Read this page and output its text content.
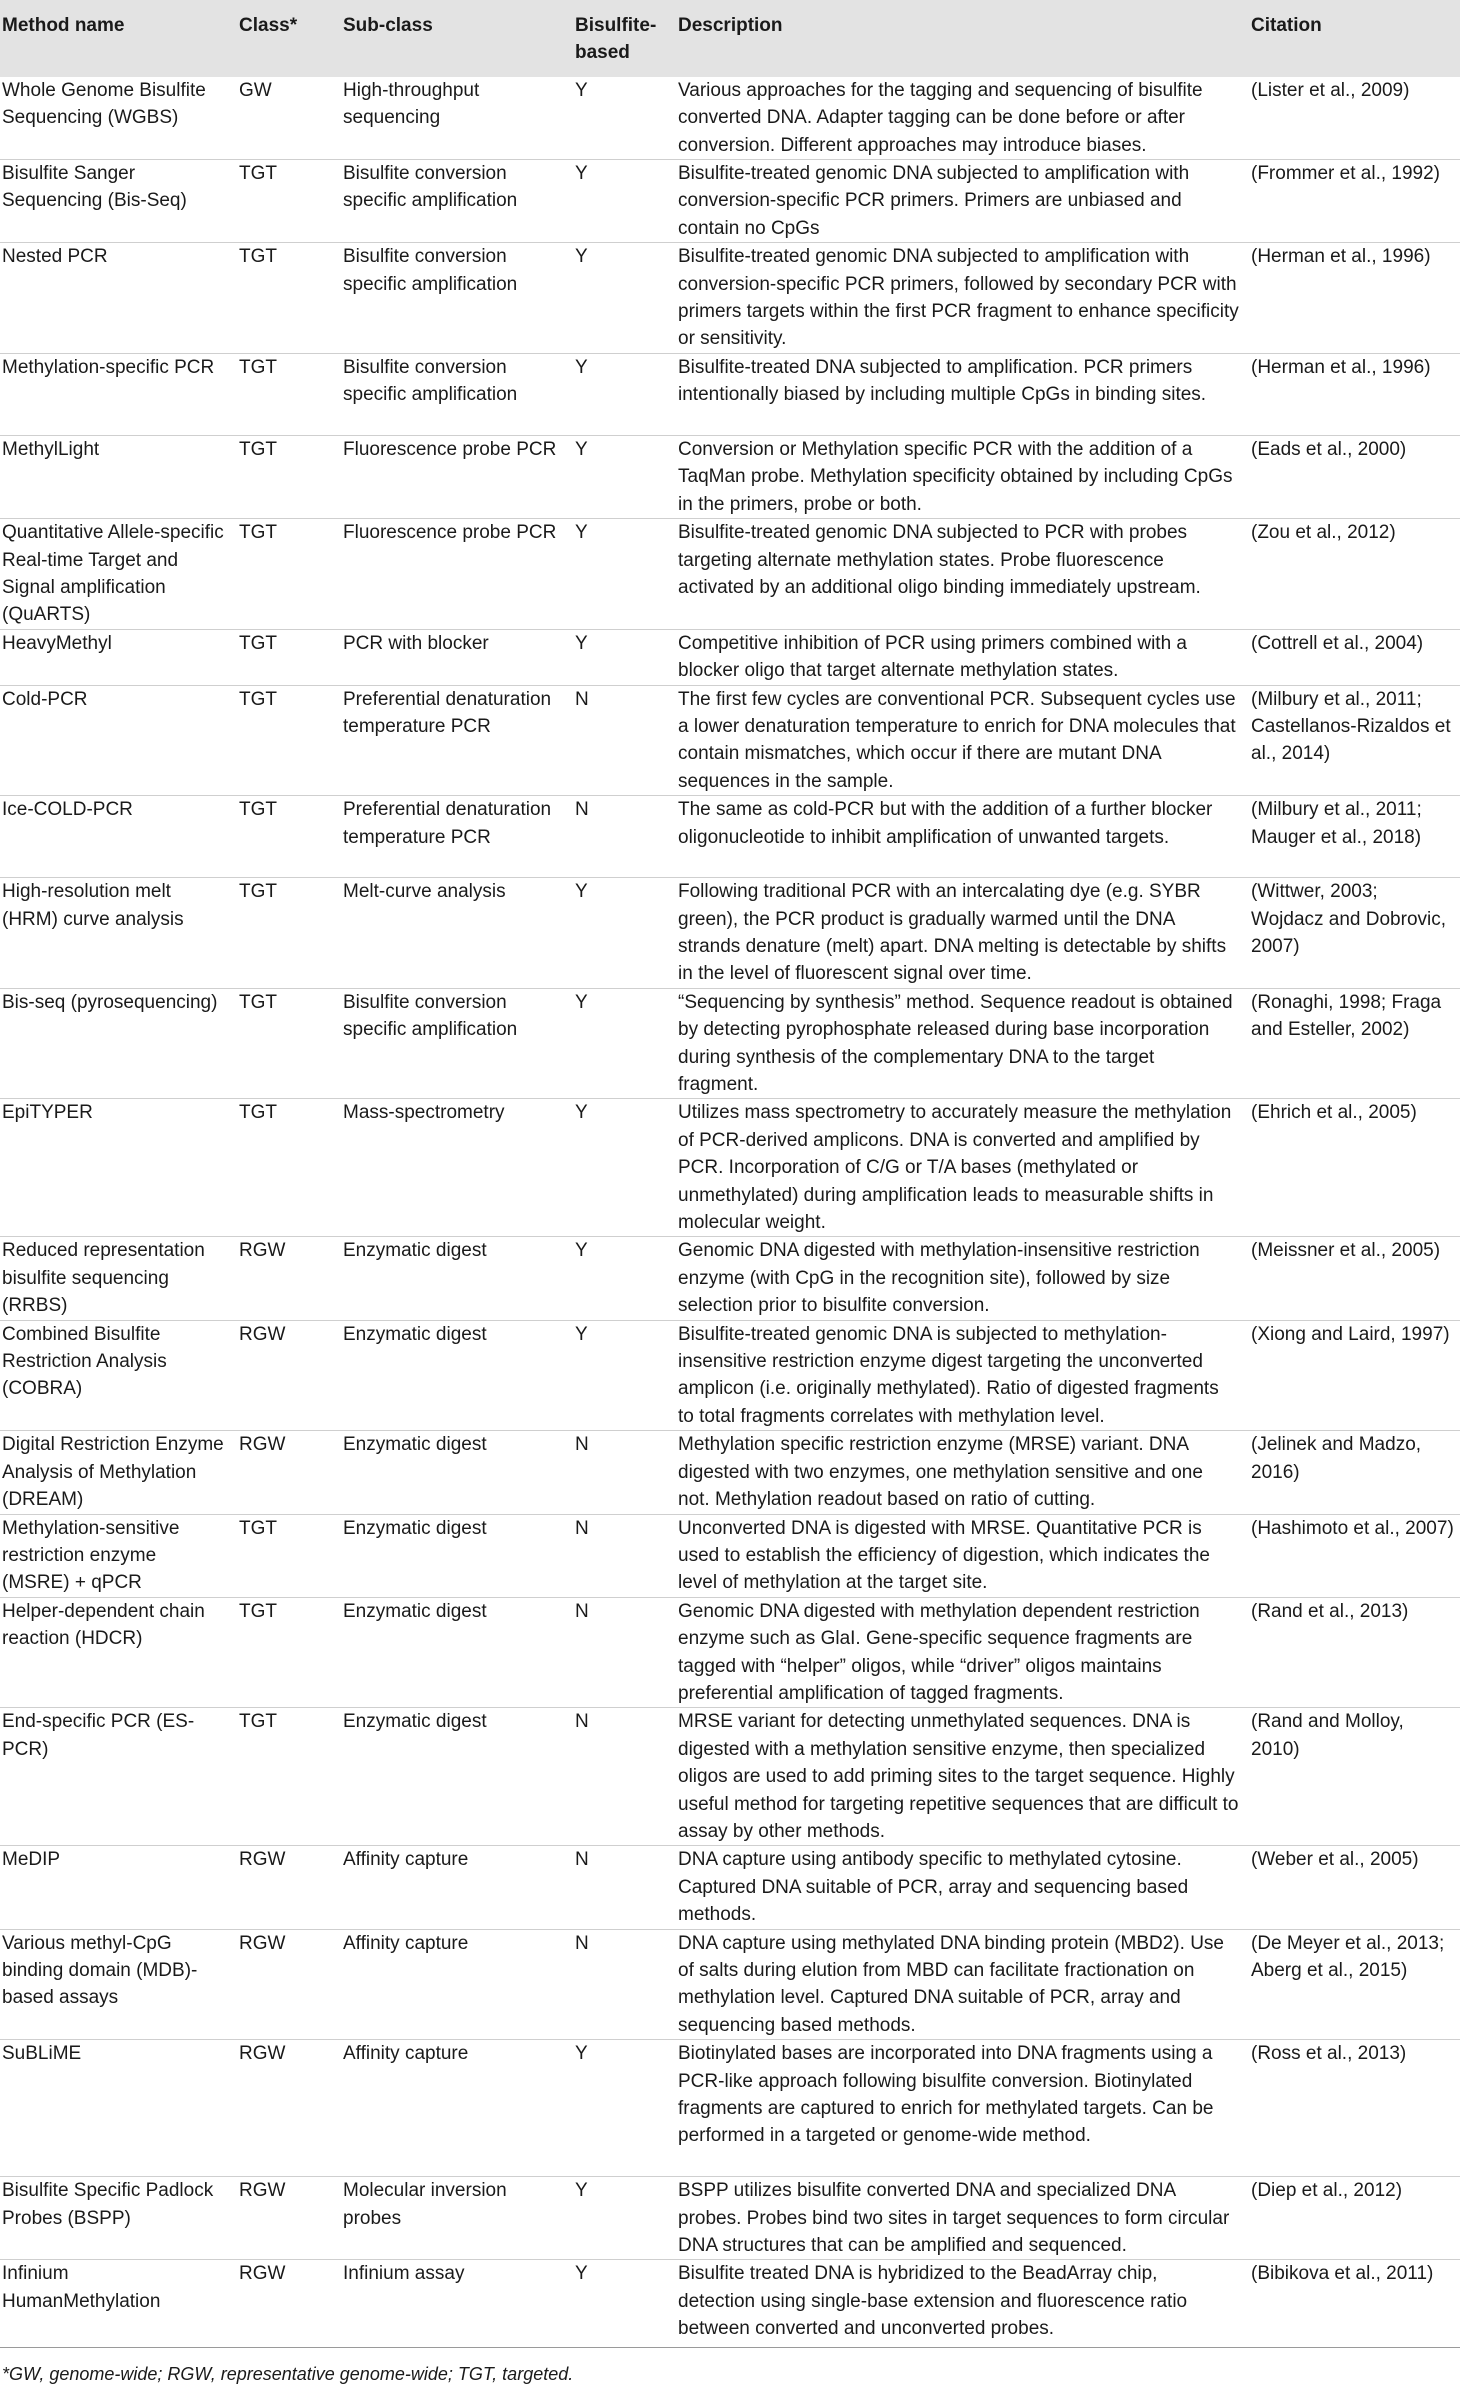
Method name	Class*	Sub-class	Bisulfite-based	Description	Citation
Whole Genome Bisulfite Sequencing (WGBS)	GW	High-throughput sequencing	Y	Various approaches for the tagging and sequencing of bisulfite converted DNA. Adapter tagging can be done before or after conversion. Different approaches may introduce biases.	(Lister et al., 2009)
Bisulfite Sanger Sequencing (Bis-Seq)	TGT	Bisulfite conversion specific amplification	Y	Bisulfite-treated genomic DNA subjected to amplification with conversion-specific PCR primers. Primers are unbiased and contain no CpGs	(Frommer et al., 1992)
Nested PCR	TGT	Bisulfite conversion specific amplification	Y	Bisulfite-treated genomic DNA subjected to amplification with conversion-specific PCR primers, followed by secondary PCR with primers targets within the first PCR fragment to enhance specificity or sensitivity.	(Herman et al., 1996)
Methylation-specific PCR	TGT	Bisulfite conversion specific amplification	Y	Bisulfite-treated DNA subjected to amplification. PCR primers intentionally biased by including multiple CpGs in binding sites.	(Herman et al., 1996)
MethylLight	TGT	Fluorescence probe PCR	Y	Conversion or Methylation specific PCR with the addition of a TaqMan probe. Methylation specificity obtained by including CpGs in the primers, probe or both.	(Eads et al., 2000)
Quantitative Allele-specific Real-time Target and Signal amplification (QuARTS)	TGT	Fluorescence probe PCR	Y	Bisulfite-treated genomic DNA subjected to PCR with probes targeting alternate methylation states. Probe fluorescence activated by an additional oligo binding immediately upstream.	(Zou et al., 2012)
HeavyMethyl	TGT	PCR with blocker	Y	Competitive inhibition of PCR using primers combined with a blocker oligo that target alternate methylation states.	(Cottrell et al., 2004)
Cold-PCR	TGT	Preferential denaturation temperature PCR	N	The first few cycles are conventional PCR. Subsequent cycles use a lower denaturation temperature to enrich for DNA molecules that contain mismatches, which occur if there are mutant DNA sequences in the sample.	(Milbury et al., 2011; Castellanos-Rizaldos et al., 2014)
Ice-COLD-PCR	TGT	Preferential denaturation temperature PCR	N	The same as cold-PCR but with the addition of a further blocker oligonucleotide to inhibit amplification of unwanted targets.	(Milbury et al., 2011; Mauger et al., 2018)
High-resolution melt (HRM) curve analysis	TGT	Melt-curve analysis	Y	Following traditional PCR with an intercalating dye (e.g. SYBR green), the PCR product is gradually warmed until the DNA strands denature (melt) apart. DNA melting is detectable by shifts in the level of fluorescent signal over time.	(Wittwer, 2003; Wojdacz and Dobrovic, 2007)
Bis-seq (pyrosequencing)	TGT	Bisulfite conversion specific amplification	Y	“Sequencing by synthesis” method. Sequence readout is obtained by detecting pyrophosphate released during base incorporation during synthesis of the complementary DNA to the target fragment.	(Ronaghi, 1998; Fraga and Esteller, 2002)
EpiTYPER	TGT	Mass-spectrometry	Y	Utilizes mass spectrometry to accurately measure the methylation of PCR-derived amplicons. DNA is converted and amplified by PCR. Incorporation of C/G or T/A bases (methylated or unmethylated) during amplification leads to measurable shifts in molecular weight.	(Ehrich et al., 2005)
Reduced representation bisulfite sequencing (RRBS)	RGW	Enzymatic digest	Y	Genomic DNA digested with methylation-insensitive restriction enzyme (with CpG in the recognition site), followed by size selection prior to bisulfite conversion.	(Meissner et al., 2005)
Combined Bisulfite Restriction Analysis (COBRA)	RGW	Enzymatic digest	Y	Bisulfite-treated genomic DNA is subjected to methylation-insensitive restriction enzyme digest targeting the unconverted amplicon (i.e. originally methylated). Ratio of digested fragments to total fragments correlates with methylation level.	(Xiong and Laird, 1997)
Digital Restriction Enzyme Analysis of Methylation (DREAM)	RGW	Enzymatic digest	N	Methylation specific restriction enzyme (MRSE) variant. DNA digested with two enzymes, one methylation sensitive and one not. Methylation readout based on ratio of cutting.	(Jelinek and Madzo, 2016)
Methylation-sensitive restriction enzyme (MSRE) + qPCR	TGT	Enzymatic digest	N	Unconverted DNA is digested with MRSE. Quantitative PCR is used to establish the efficiency of digestion, which indicates the level of methylation at the target site.	(Hashimoto et al., 2007)
Helper-dependent chain reaction (HDCR)	TGT	Enzymatic digest	N	Genomic DNA digested with methylation dependent restriction enzyme such as GlaI. Gene-specific sequence fragments are tagged with “helper” oligos, while “driver” oligos maintains preferential amplification of tagged fragments.	(Rand et al., 2013)
End-specific PCR (ES-PCR)	TGT	Enzymatic digest	N	MRSE variant for detecting unmethylated sequences. DNA is digested with a methylation sensitive enzyme, then specialized oligos are used to add priming sites to the target sequence. Highly useful method for targeting repetitive sequences that are difficult to assay by other methods.	(Rand and Molloy, 2010)
MeDIP	RGW	Affinity capture	N	DNA capture using antibody specific to methylated cytosine. Captured DNA suitable of PCR, array and sequencing based methods.	(Weber et al., 2005)
Various methyl-CpG binding domain (MDB)-based assays	RGW	Affinity capture	N	DNA capture using methylated DNA binding protein (MBD2). Use of salts during elution from MBD can facilitate fractionation on methylation level. Captured DNA suitable of PCR, array and sequencing based methods.	(De Meyer et al., 2013; Aberg et al., 2015)
SuBLiME	RGW	Affinity capture	Y	Biotinylated bases are incorporated into DNA fragments using a PCR-like approach following bisulfite conversion. Biotinylated fragments are captured to enrich for methylated targets. Can be performed in a targeted or genome-wide method.	(Ross et al., 2013)
Bisulfite Specific Padlock Probes (BSPP)	RGW	Molecular inversion probes	Y	BSPP utilizes bisulfite converted DNA and specialized DNA probes. Probes bind two sites in target sequences to form circular DNA structures that can be amplified and sequenced.	(Diep et al., 2012)
Infinium HumanMethylation	RGW	Infinium assay	Y	Bisulfite treated DNA is hybridized to the BeadArray chip, detection using single-base extension and fluorescence ratio between converted and unconverted probes.	(Bibikova et al., 2011)
*GW, genome-wide; RGW, representative genome-wide; TGT, targeted.
